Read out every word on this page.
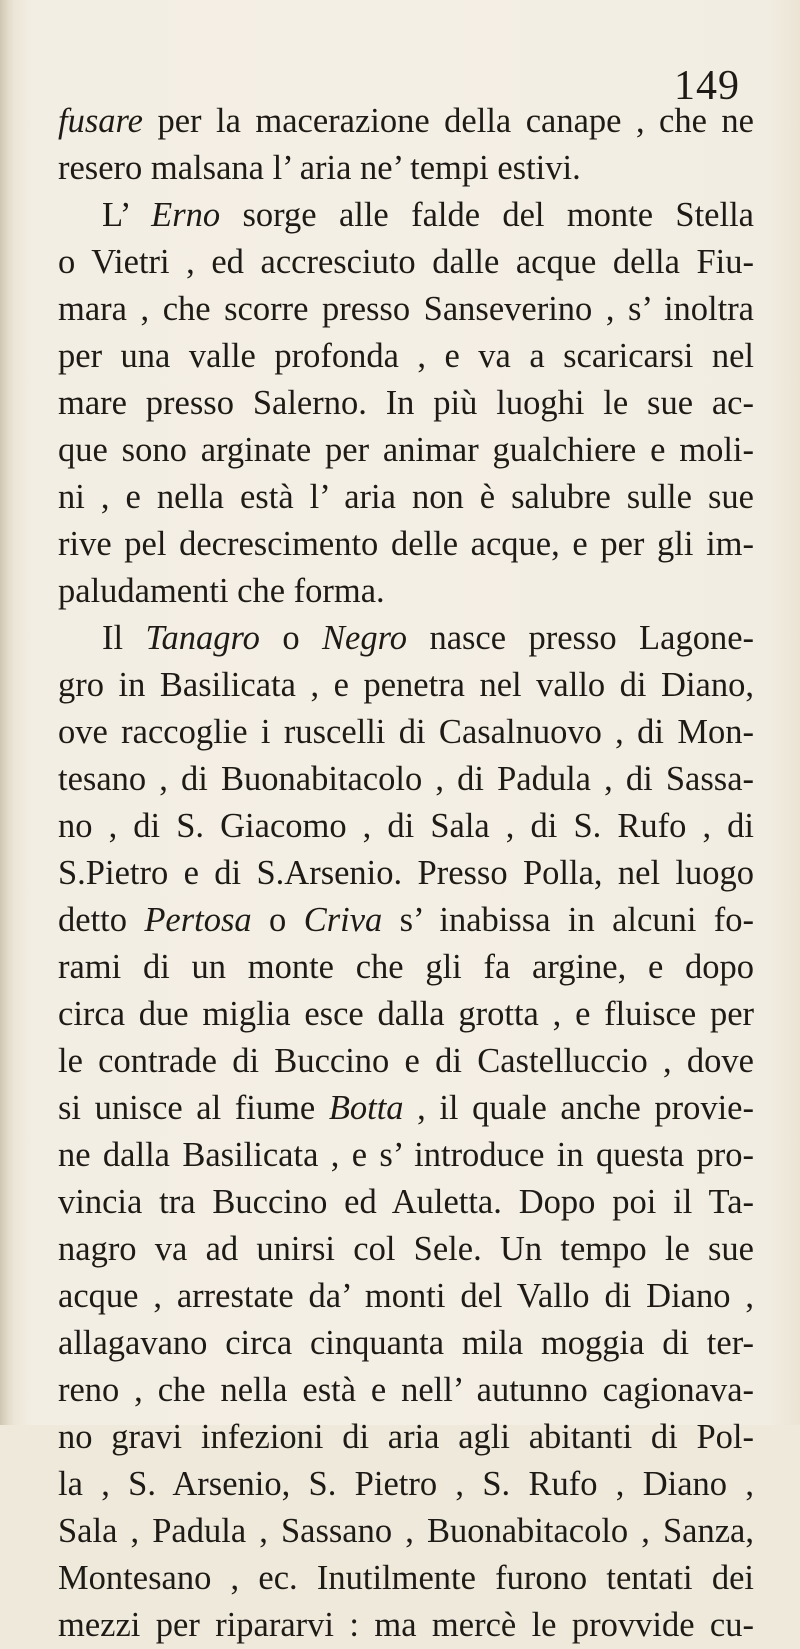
149
fusare per la macerazione della canape , che ne
resero malsana l’ aria ne’ tempi estivi.
L’ Erno sorge alle falde del monte Stella
o Vietri , ed accresciuto dalle acque della Fiu-
mara , che scorre presso Sanseverino , s’ inoltra
per una valle profonda , e va a scaricarsi nel
mare presso Salerno. In più luoghi le sue ac-
que sono arginate per animar gualchiere e moli-
ni , e nella està l’ aria non è salubre sulle sue
rive pel decrescimento delle acque, e per gli im-
paludamenti che forma.
Il Tanagro o Negro nasce presso Lagone-
gro in Basilicata , e penetra nel vallo di Diano,
ove raccoglie i ruscelli di Casalnuovo , di Mon-
tesano , di Buonabitacolo , di Padula , di Sassa-
no , di S. Giacomo , di Sala , di S. Rufo , di
S.Pietro e di S.Arsenio. Presso Polla, nel luogo
detto Pertosa o Criva s’ inabissa in alcuni fo-
rami di un monte che gli fa argine, e dopo
circa due miglia esce dalla grotta , e fluisce per
le contrade di Buccino e di Castelluccio , dove
si unisce al fiume Botta , il quale anche provie-
ne dalla Basilicata , e s’ introduce in questa pro-
vincia tra Buccino ed Auletta. Dopo poi il Ta-
nagro va ad unirsi col Sele. Un tempo le sue
acque , arrestate da’ monti del Vallo di Diano ,
allagavano circa cinquanta mila moggia di ter-
reno , che nella està e nell’ autunno cagionava-
no gravi infezioni di aria agli abitanti di Pol-
la , S. Arsenio, S. Pietro , S. Rufo , Diano ,
Sala , Padula , Sassano , Buonabitacolo , Sanza,
Montesano , ec. Inutilmente furono tentati dei
mezzi per ripararvi : ma mercè le provvide cu-
